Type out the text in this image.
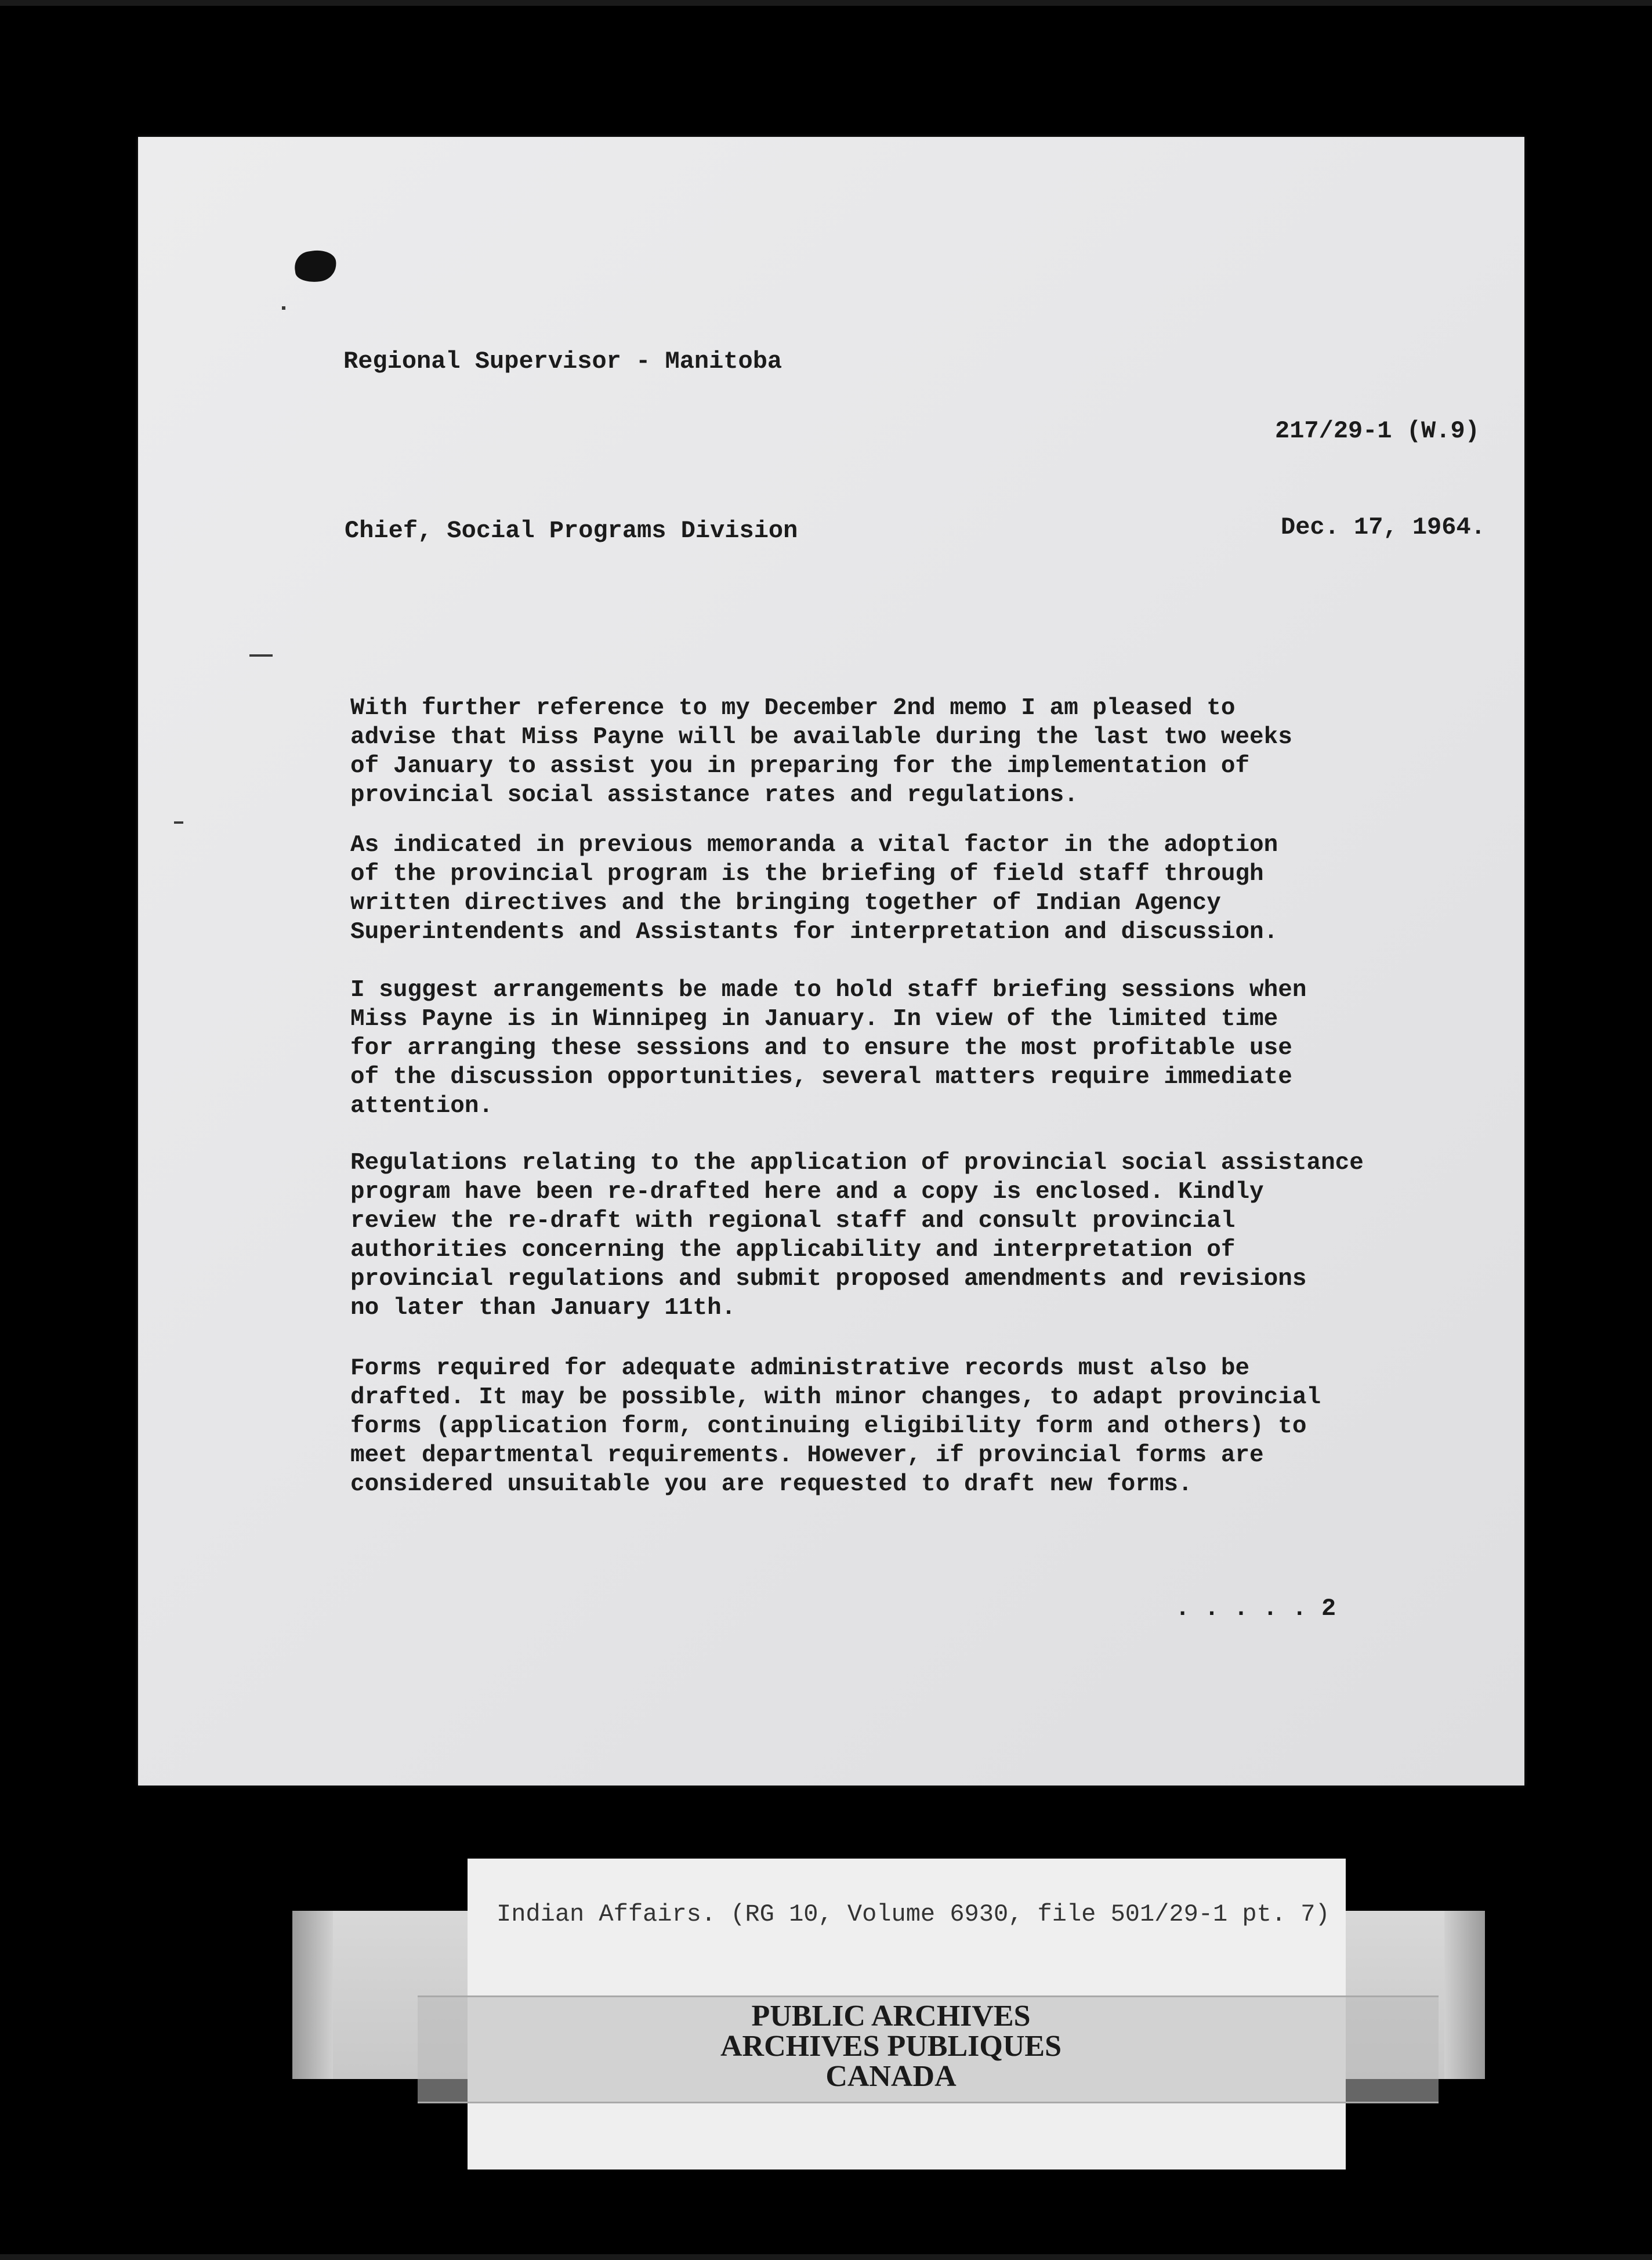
Regional Supervisor - Manitoba
217/29-1 (W.9)
Chief, Social Programs Division	Dec. 17, 1964.
With further reference to my December 2nd memo I am pleased to
advise that Miss Payne will be available during the last two weeks
of January to assist you in preparing for the implementation of
provincial social assistance rates and regulations.
As indicated in previous memoranda a vital factor in the adoption
of the provincial program is the briefing of field staff through
written directives and the bringing together of Indian Agency
Superintendents and Assistants for interpretation and discussion.
I suggest arrangements be made to hold staff briefing sessions when
Miss Payne is in Winnipeg in January. In view of the limited time
for arranging these sessions and to ensure the most profitable use
of the discussion opportunities, several matters require immediate
attention.
Regulations relating to the application of provincial social assistance
program have been re-drafted here and a copy is enclosed. Kindly
review the re-draft with regional staff and consult provincial
authorities concerning the applicability and interpretation of
provincial regulations and submit proposed amendments and revisions
no later than January 11th.
Forms required for adequate administrative records must also be
drafted. It may be possible, with minor changes, to adapt provincial
forms (application form, continuing eligibility form and others) to
meet departmental requirements. However, if provincial forms are
considered unsuitable you are requested to draft new forms.
. . . . . 2
Indian Affairs. (RG 10, Volume 6930, file 501/29-1 pt. 7)
PUBLIC ARCHIVES
ARCHIVES PUBLIQUES
CANADA
